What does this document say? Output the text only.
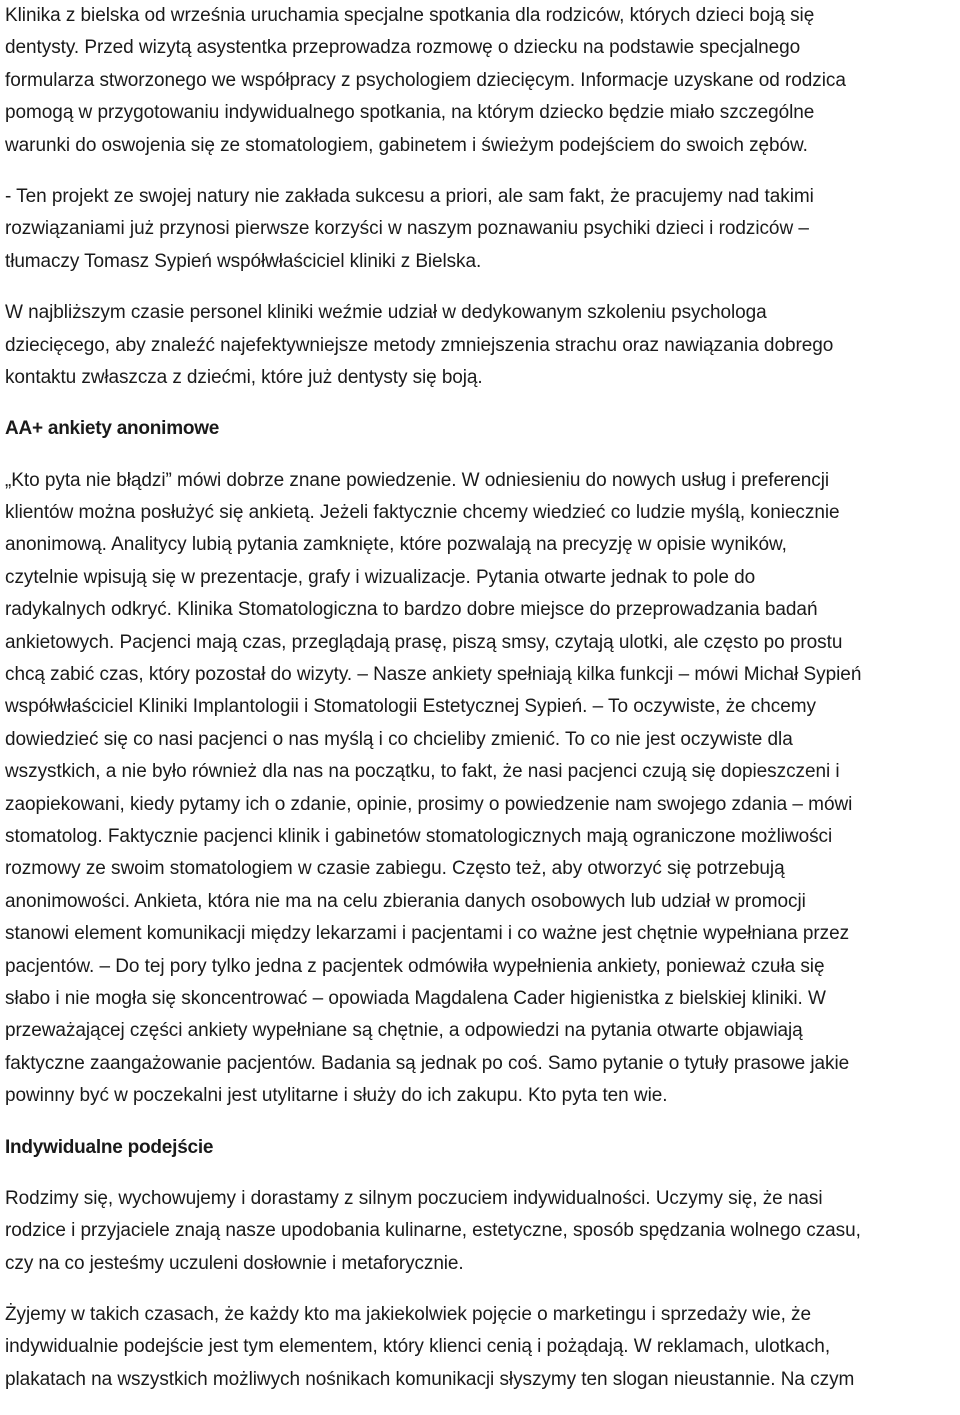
Klinika z bielska od września uruchamia specjalne spotkania dla rodziców, których dzieci boją się
dentysty. Przed wizytą asystentka przeprowadza rozmowę o dziecku na podstawie specjalnego
formularza stworzonego we współpracy z psychologiem dziecięcym. Informacje uzyskane od rodzica
pomogą w przygotowaniu indywidualnego spotkania, na którym dziecko będzie miało szczególne
warunki do oswojenia się ze stomatologiem, gabinetem i świeżym podejściem do swoich zębów.
- Ten projekt ze swojej natury nie zakłada sukcesu a priori, ale sam fakt, że pracujemy nad takimi
rozwiązaniami już przynosi pierwsze korzyści w naszym poznawaniu psychiki dzieci i rodziców –
tłumaczy Tomasz Sypień współwłaściciel kliniki z Bielska.
W najbliższym czasie personel kliniki weźmie udział w dedykowanym szkoleniu psychologa
dziecięcego, aby znaleźć najefektywniejsze metody zmniejszenia strachu oraz nawiązania dobrego
kontaktu zwłaszcza z dziećmi, które już dentysty się boją.
AA+ ankiety anonimowe
„Kto pyta nie błądzi” mówi dobrze znane powiedzenie. W odniesieniu do nowych usług i preferencji
klientów można posłużyć się ankietą. Jeżeli faktycznie chcemy wiedzieć co ludzie myślą, koniecznie
anonimową. Analitycy lubią pytania zamknięte, które pozwalają na precyzję w opisie wyników,
czytelnie wpisują się w prezentacje, grafy i wizualizacje. Pytania otwarte jednak to pole do
radykalnych odkryć. Klinika Stomatologiczna to bardzo dobre miejsce do przeprowadzania badań
ankietowych. Pacjenci mają czas, przeglądają prasę, piszą smsy, czytają ulotki, ale często po prostu
chcą zabić czas, który pozostał do wizyty. – Nasze ankiety spełniają kilka funkcji – mówi Michał Sypień
współwłaściciel Kliniki Implantologii i Stomatologii Estetycznej Sypień. – To oczywiste, że chcemy
dowiedzieć się co nasi pacjenci o nas myślą i co chcieliby zmienić. To co nie jest oczywiste dla
wszystkich, a nie było również dla nas na początku, to fakt, że nasi pacjenci czują się dopieszczeni i
zaopiekowani, kiedy pytamy ich o zdanie, opinie, prosimy o powiedzenie nam swojego zdania – mówi
stomatolog. Faktycznie pacjenci klinik i gabinetów stomatologicznych mają ograniczone możliwości
rozmowy ze swoim stomatologiem w czasie zabiegu. Często też, aby otworzyć się potrzebują
anonimowości. Ankieta, która nie ma na celu zbierania danych osobowych lub udział w promocji
stanowi element komunikacji między lekarzami i pacjentami i co ważne jest chętnie wypełniana przez
pacjentów. – Do tej pory tylko jedna z pacjentek odmówiła wypełnienia ankiety, ponieważ czuła się
słabo i nie mogła się skoncentrować – opowiada Magdalena Cader higienistka z bielskiej kliniki. W
przeważającej części ankiety wypełniane są chętnie, a odpowiedzi na pytania otwarte objawiają
faktyczne zaangażowanie pacjentów. Badania są jednak po coś. Samo pytanie o tytuły prasowe jakie
powinny być w poczekalni jest utylitarne i służy do ich zakupu. Kto pyta ten wie.
Indywidualne podejście
Rodzimy się, wychowujemy i dorastamy z silnym poczuciem indywidualności. Uczymy się, że nasi
rodzice i przyjaciele znają nasze upodobania kulinarne, estetyczne, sposób spędzania wolnego czasu,
czy na co jesteśmy uczuleni dosłownie i metaforycznie.
Żyjemy w takich czasach, że każdy kto ma jakiekolwiek pojęcie o marketingu i sprzedaży wie, że
indywidualnie podejście jest tym elementem, który klienci cenią i pożądają. W reklamach, ulotkach,
plakatach na wszystkich możliwych nośnikach komunikacji słyszymy ten slogan nieustannie. Na czym
